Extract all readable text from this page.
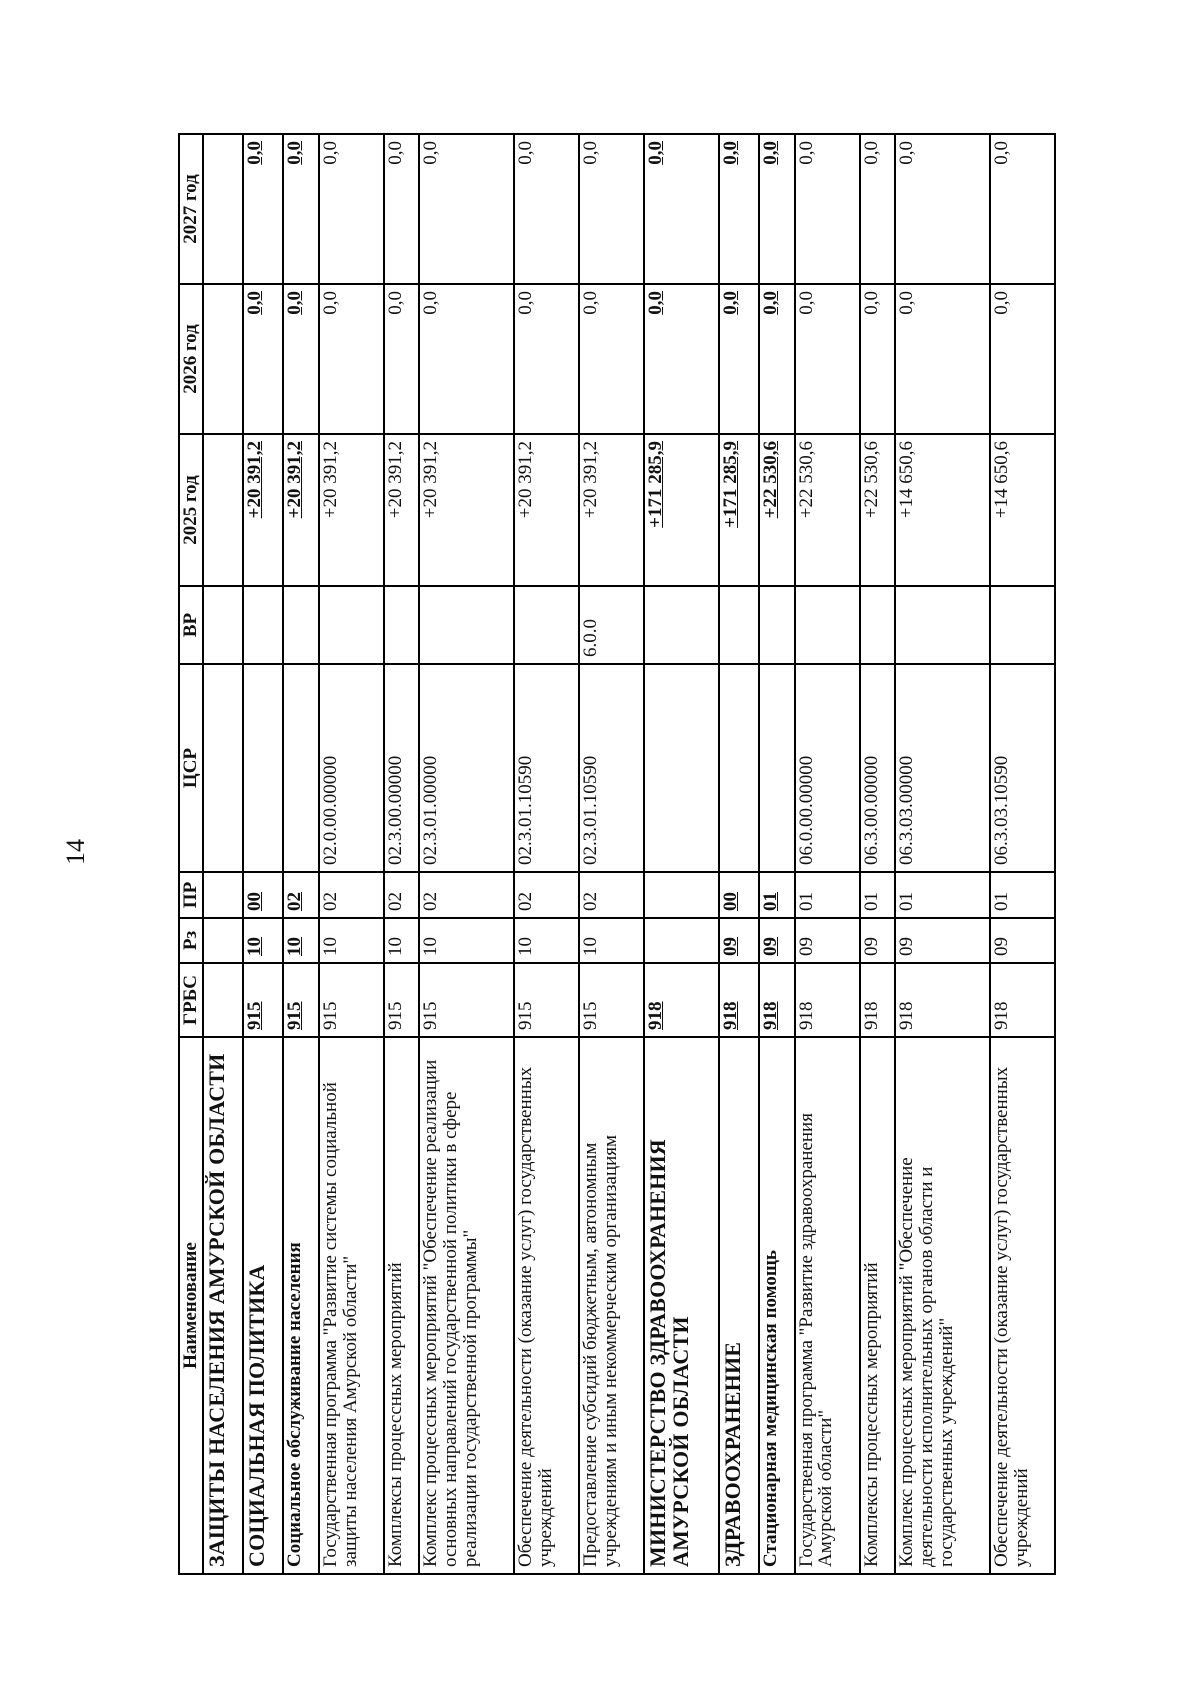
14
Наименование	ГРБС	Рз	ПР	ЦСР	ВР	2025 год	2026 год	2027 год
ЗАЩИТЫ НАСЕЛЕНИЯ АМУРСКОЙ ОБЛАСТИ								
СОЦИАЛЬНАЯ ПОЛИТИКА	915	10	00			+20 391,2	0,0	0,0
Социальное обслуживание населения	915	10	02			+20 391,2	0,0	0,0
Государственная программа "Развитие системы социальной защиты населения Амурской области"	915	10	02	02.0.00.00000		+20 391,2	0,0	0,0
Комплексы процессных мероприятий	915	10	02	02.3.00.00000		+20 391,2	0,0	0,0
Комплекс процессных мероприятий "Обеспечение реализации основных направлений государственной политики в сфере реализации государственной программы"	915	10	02	02.3.01.00000		+20 391,2	0,0	0,0
Обеспечение деятельности (оказание услуг) государственных учреждений	915	10	02	02.3.01.10590		+20 391,2	0,0	0,0
Предоставление субсидий бюджетным, автономным учреждениям и иным некоммерческим организациям	915	10	02	02.3.01.10590	6.0.0	+20 391,2	0,0	0,0
МИНИСТЕРСТВО ЗДРАВООХРАНЕНИЯ АМУРСКОЙ ОБЛАСТИ	918					+171 285,9	0,0	0,0
ЗДРАВООХРАНЕНИЕ	918	09	00			+171 285,9	0,0	0,0
Стационарная медицинская помощь	918	09	01			+22 530,6	0,0	0,0
Государственная программа "Развитие здравоохранения Амурской области"	918	09	01	06.0.00.00000		+22 530,6	0,0	0,0
Комплексы процессных мероприятий	918	09	01	06.3.00.00000		+22 530,6	0,0	0,0
Комплекс процессных мероприятий "Обеспечение деятельности исполнительных органов области и государственных учреждений"	918	09	01	06.3.03.00000		+14 650,6	0,0	0,0
Обеспечение деятельности (оказание услуг) государственных учреждений	918	09	01	06.3.03.10590		+14 650,6	0,0	0,0
